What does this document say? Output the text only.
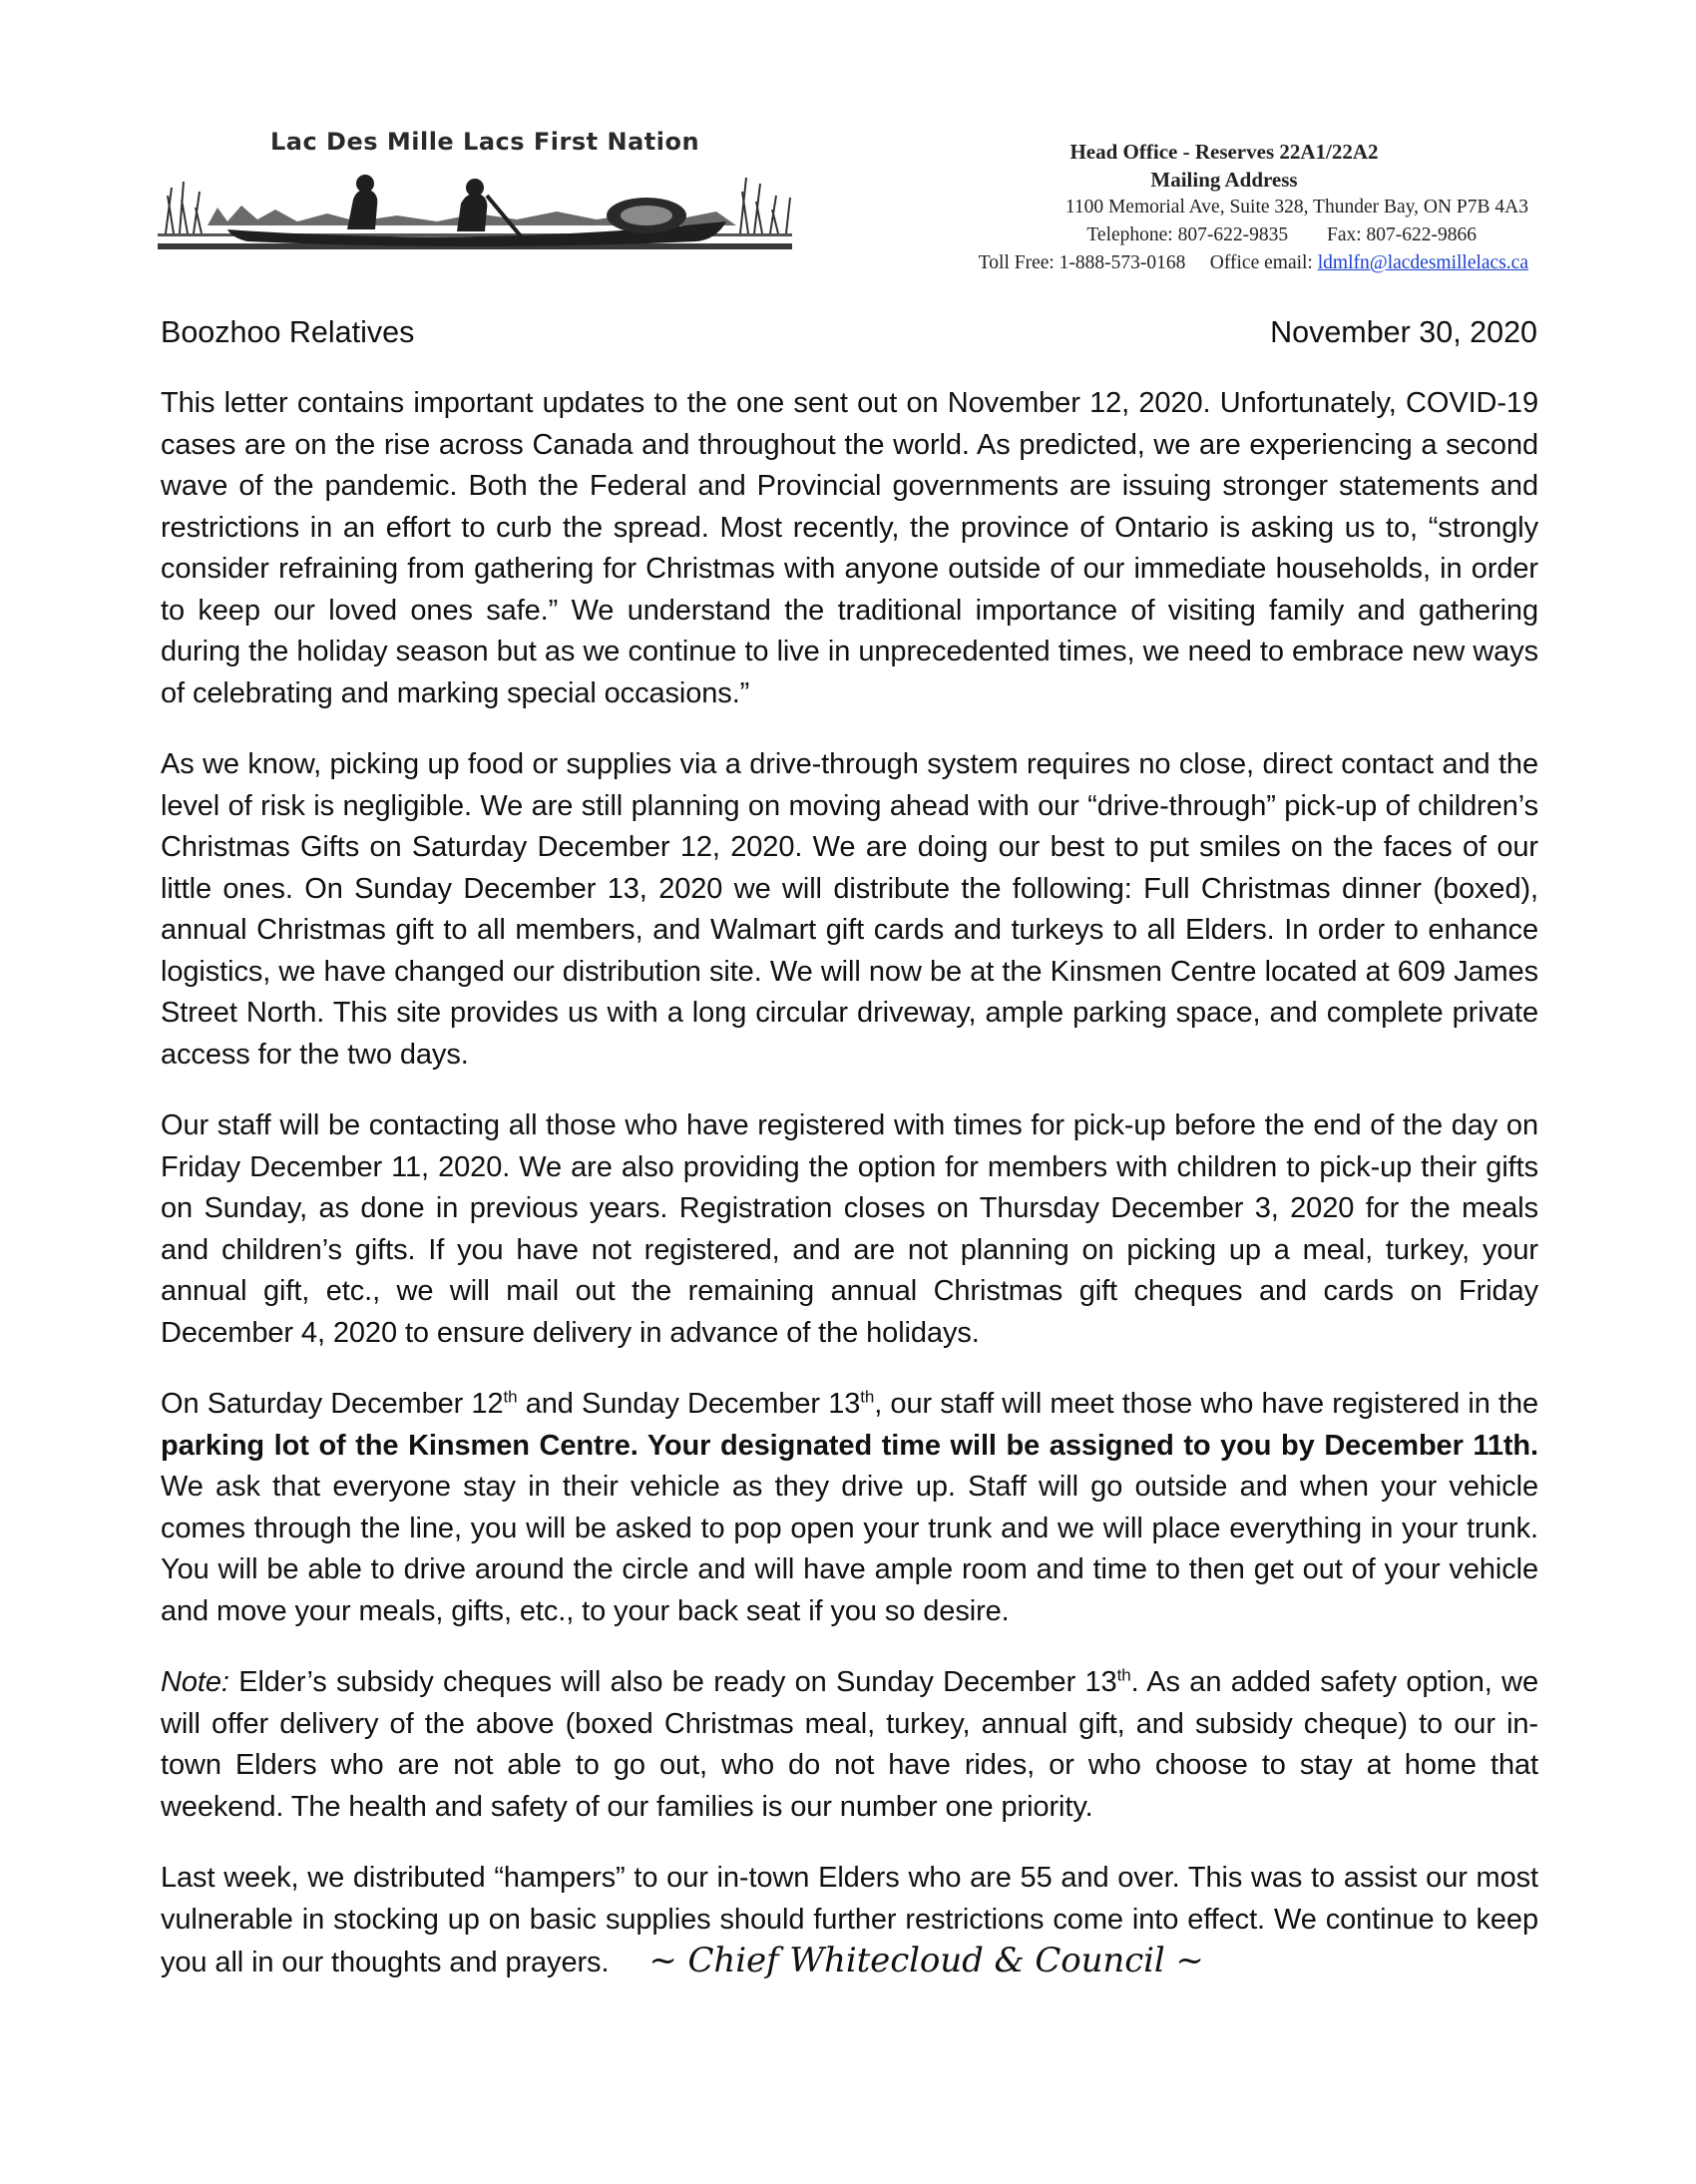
Lac Des Mille Lacs First Nation	Head Office - Reserves 22A1/22A2
Mailing Address
1100 Memorial Ave, Suite 328, Thunder Bay, ON P7B 4A3
Telephone: 807-622-9835 Fax: 807-622-9866
Toll Free: 1-888-573-0168 Office email: ldmlfn@lacdesmillelacs.ca
Boozhoo Relatives	November 30, 2020

This letter contains important updates to the one sent out on November 12, 2020. Unfortunately, COVID-19 cases are on the rise across Canada and throughout the world. As predicted, we are experiencing a second wave of the pandemic. Both the Federal and Provincial governments are issuing stronger statements and restrictions in an effort to curb the spread. Most recently, the province of Ontario is asking us to, “strongly consider refraining from gathering for Christmas with anyone outside of our immediate households, in order to keep our loved ones safe.” We understand the traditional importance of visiting family and gathering during the holiday season but as we continue to live in unprecedented times, we need to embrace new ways of celebrating and marking special occasions.”

As we know, picking up food or supplies via a drive-through system requires no close, direct contact and the level of risk is negligible. We are still planning on moving ahead with our “drive-through” pick-up of children’s Christmas Gifts on Saturday December 12, 2020. We are doing our best to put smiles on the faces of our little ones. On Sunday December 13, 2020 we will distribute the following: Full Christmas dinner (boxed), annual Christmas gift to all members, and Walmart gift cards and turkeys to all Elders. In order to enhance logistics, we have changed our distribution site. We will now be at the Kinsmen Centre located at 609 James Street North. This site provides us with a long circular driveway, ample parking space, and complete private access for the two days.

Our staff will be contacting all those who have registered with times for pick-up before the end of the day on Friday December 11, 2020. We are also providing the option for members with children to pick-up their gifts on Sunday, as done in previous years. Registration closes on Thursday December 3, 2020 for the meals and children’s gifts. If you have not registered, and are not planning on picking up a meal, turkey, your annual gift, etc., we will mail out the remaining annual Christmas gift cheques and cards on Friday December 4, 2020 to ensure delivery in advance of the holidays.

On Saturday December 12th and Sunday December 13th, our staff will meet those who have registered in the parking lot of the Kinsmen Centre. Your designated time will be assigned to you by December 11th. We ask that everyone stay in their vehicle as they drive up. Staff will go outside and when your vehicle comes through the line, you will be asked to pop open your trunk and we will place everything in your trunk. You will be able to drive around the circle and will have ample room and time to then get out of your vehicle and move your meals, gifts, etc., to your back seat if you so desire.

Note: Elder’s subsidy cheques will also be ready on Sunday December 13th. As an added safety option, we will offer delivery of the above (boxed Christmas meal, turkey, annual gift, and subsidy cheque) to our in-town Elders who are not able to go out, who do not have rides, or who choose to stay at home that weekend. The health and safety of our families is our number one priority.

Last week, we distributed “hampers” to our in-town Elders who are 55 and over. This was to assist our most vulnerable in stocking up on basic supplies should further restrictions come into effect. We continue to keep you all in our thoughts and prayers. ~ Chief Whitecloud & Council ~
